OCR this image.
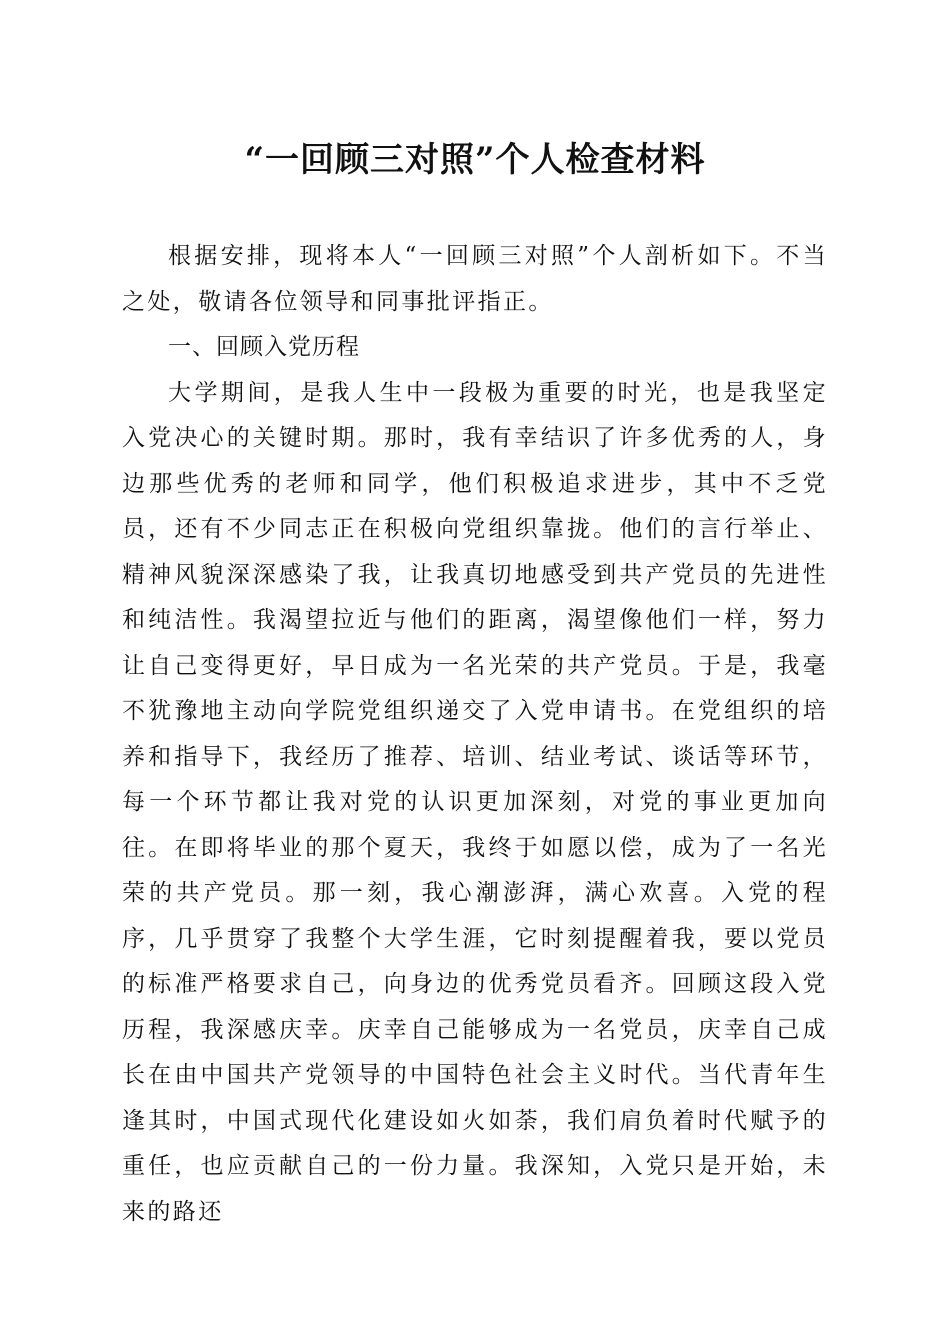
“一回顾三对照”个人检查材料

根据安排，现将本人“一回顾三对照”个人剖析如下。不当之处，敬请各位领导和同事批评指正。

一、回顾入党历程

大学期间，是我人生中一段极为重要的时光，也是我坚定入党决心的关键时期。那时，我有幸结识了许多优秀的人，身边那些优秀的老师和同学，他们积极追求进步，其中不乏党员，还有不少同志正在积极向党组织靠拢。他们的言行举止、精神风貌深深感染了我，让我真切地感受到共产党员的先进性和纯洁性。我渴望拉近与他们的距离，渴望像他们一样，努力让自己变得更好，早日成为一名光荣的共产党员。于是，我毫不犹豫地主动向学院党组织递交了入党申请书。在党组织的培养和指导下，我经历了推荐、培训、结业考试、谈话等环节，每一个环节都让我对党的认识更加深刻，对党的事业更加向往。在即将毕业的那个夏天，我终于如愿以偿，成为了一名光荣的共产党员。那一刻，我心潮澎湃，满心欢喜。入党的程序，几乎贯穿了我整个大学生涯，它时刻提醒着我，要以党员的标准严格要求自己，向身边的优秀党员看齐。回顾这段入党历程，我深感庆幸。庆幸自己能够成为一名党员，庆幸自己成长在由中国共产党领导的中国特色社会主义时代。当代青年生逢其时，中国式现代化建设如火如荼，我们肩负着时代赋予的重任，也应贡献自己的一份力量。我深知，入党只是开始，未来的路还
